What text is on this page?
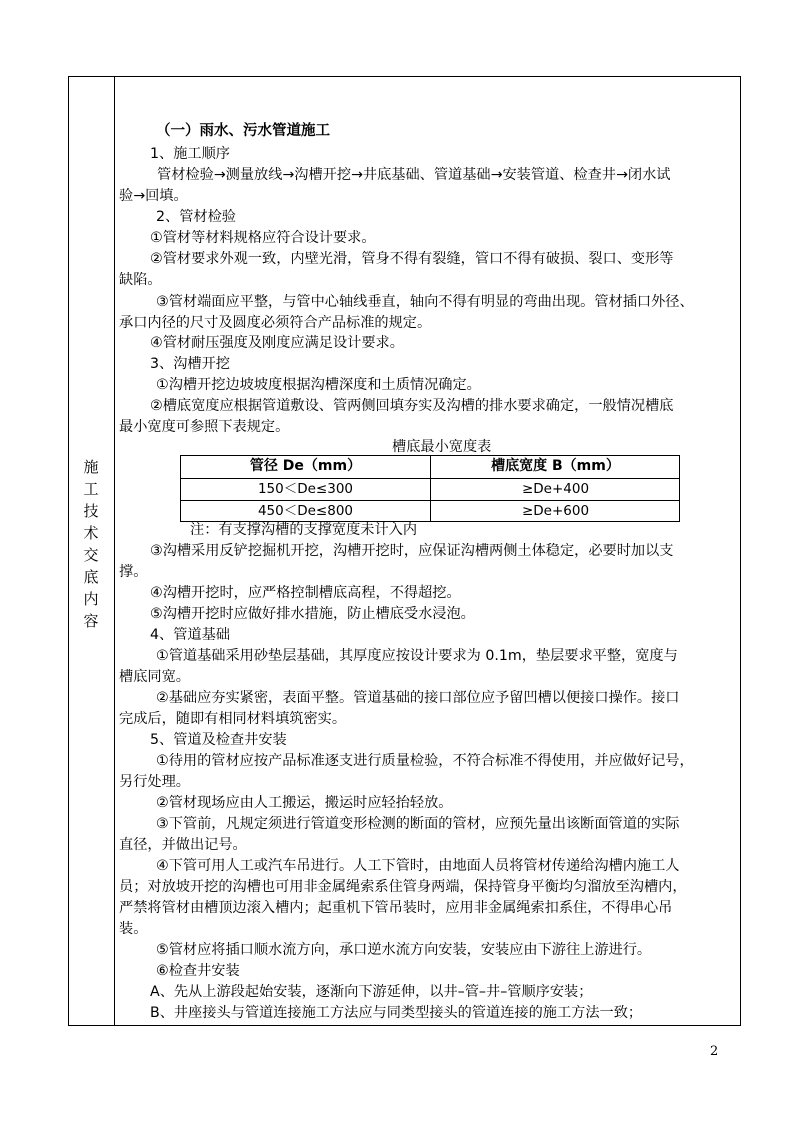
施
工
技
术
交
底
内
容
（一）雨水、污水管道施工
1、施工顺序
管材检验→测量放线→沟槽开挖→井底基础、管道基础→安装管道、检查井→闭水试
验→回填。
2、管材检验
①管材等材料规格应符合设计要求。
②管材要求外观一致，内壁光滑，管身不得有裂缝，管口不得有破损、裂口、变形等
缺陷。
③管材端面应平整，与管中心轴线垂直，轴向不得有明显的弯曲出现。管材插口外径、
承口内径的尺寸及圆度必须符合产品标准的规定。
④管材耐压强度及刚度应满足设计要求。
3、沟槽开挖
①沟槽开挖边坡坡度根据沟槽深度和土质情况确定。
②槽底宽度应根据管道敷设、管两侧回填夯实及沟槽的排水要求确定，一般情况槽底
最小宽度可参照下表规定。
槽底最小宽度表
管径 De（mm）	槽底宽度 B（mm）
150＜De≤300	≥De+400
450＜De≤800	≥De+600
注：有支撑沟槽的支撑宽度未计入内
③沟槽采用反铲挖掘机开挖，沟槽开挖时，应保证沟槽两侧土体稳定，必要时加以支
撑。
④沟槽开挖时，应严格控制槽底高程，不得超挖。
⑤沟槽开挖时应做好排水措施，防止槽底受水浸泡。
4、管道基础
①管道基础采用砂垫层基础，其厚度应按设计要求为 0.1m，垫层要求平整，宽度与
槽底同宽。
②基础应夯实紧密，表面平整。管道基础的接口部位应予留凹槽以便接口操作。接口
完成后，随即有相同材料填筑密实。
5、管道及检查井安装
①待用的管材应按产品标准逐支进行质量检验，不符合标准不得使用，并应做好记号，
另行处理。
②管材现场应由人工搬运，搬运时应轻抬轻放。
③下管前，凡规定须进行管道变形检测的断面的管材，应预先量出该断面管道的实际
直径，并做出记号。
④下管可用人工或汽车吊进行。人工下管时，由地面人员将管材传递给沟槽内施工人
员；对放坡开挖的沟槽也可用非金属绳索系住管身两端，保持管身平衡均匀溜放至沟槽内，
严禁将管材由槽顶边滚入槽内；起重机下管吊装时，应用非金属绳索扣系住，不得串心吊
装。
⑤管材应将插口顺水流方向，承口逆水流方向安装，安装应由下游往上游进行。
⑥检查井安装
A、先从上游段起始安装，逐渐向下游延伸，以井–管–井–管顺序安装；
B、井座接头与管道连接施工方法应与同类型接头的管道连接的施工方法一致；
2
